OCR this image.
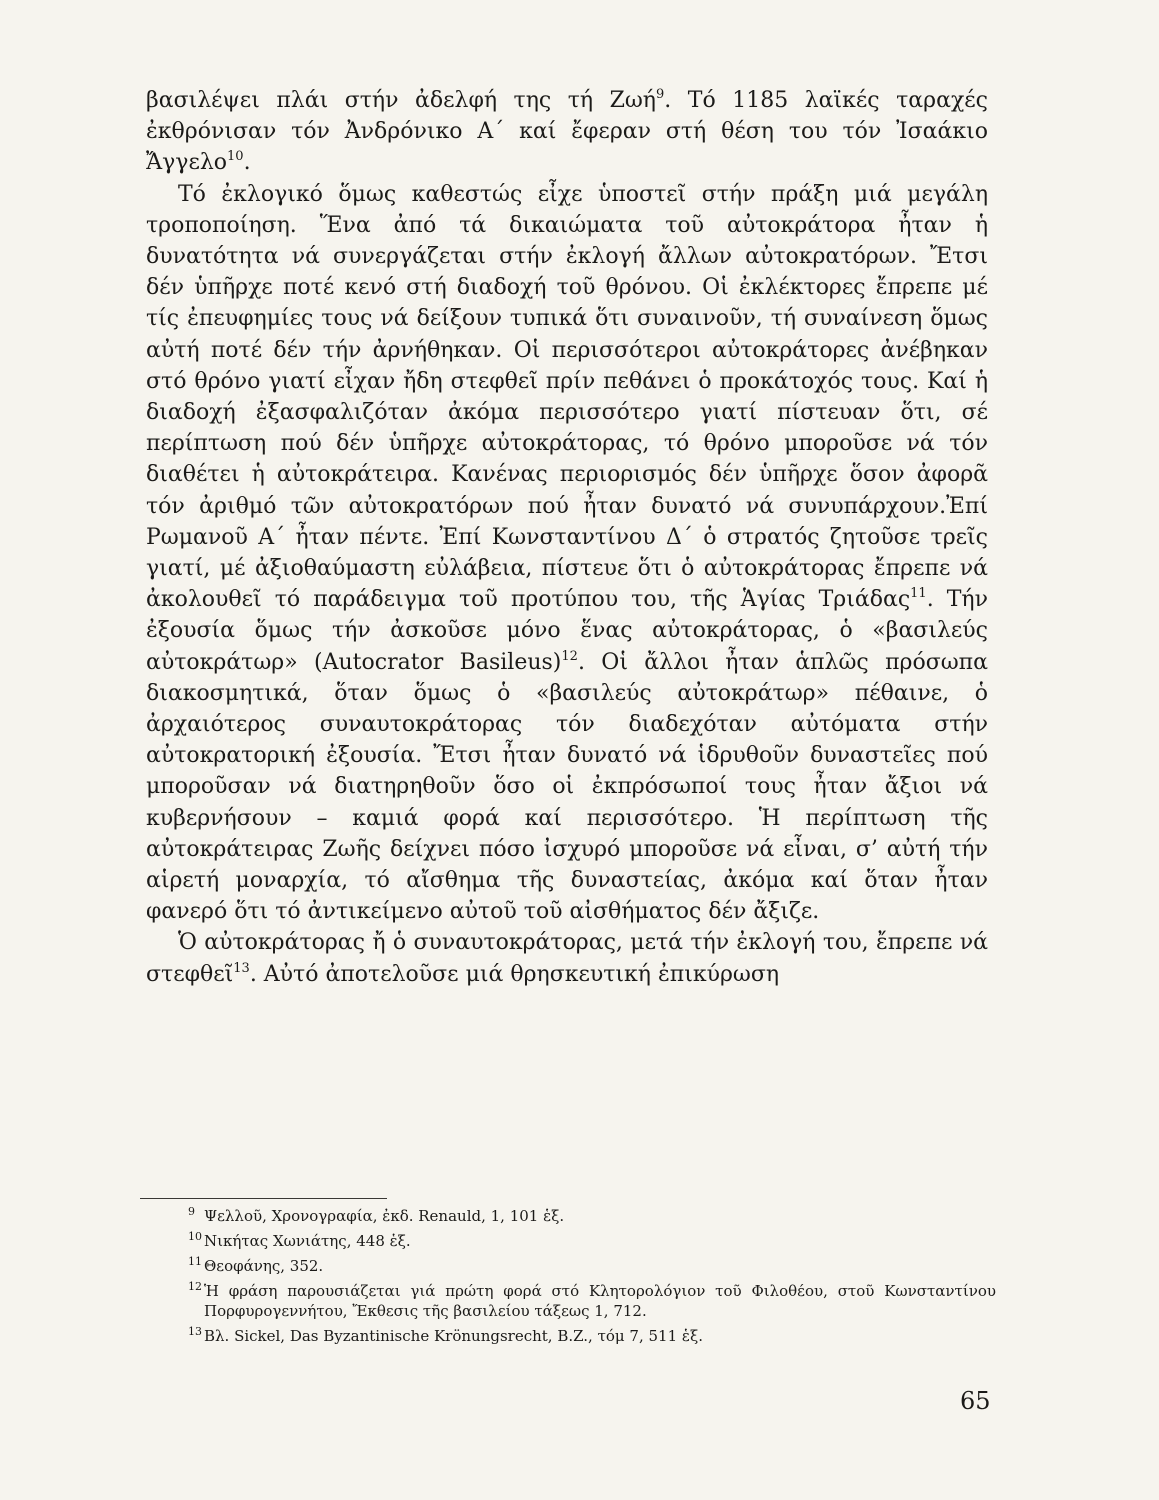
βασιλέψει πλάι στήν ἀδελφή της τή Ζωή$^9$. Τό 1185 λαϊκές ταραχές ἐκθρόνισαν τόν Ἀνδρόνικο Α΄ καί ἔφεραν στή θέση του τόν Ἰσαάκιο Ἄγγελο$^{10}$.

Τό ἐκλογικό ὅμως καθεστώς εἶχε ὑποστεῖ στήν πράξη μιά μεγάλη τροποποίηση. Ἕνα ἀπό τά δικαιώματα τοῦ αὐτοκράτορα ἦταν ἡ δυνατότητα νά συνεργάζεται στήν ἐκλογή ἄλλων αὐτοκρατόρων. Ἔτσι δέν ὑπῆρχε ποτέ κενό στή διαδοχή τοῦ θρόνου. Οἱ ἐκλέκτορες ἔπρεπε μέ τίς ἐπευφημίες τους νά δείξουν τυπικά ὅτι συναινοῦν, τή συναίνεση ὅμως αὐτή ποτέ δέν τήν ἀρνήθηκαν. Οἱ περισσότεροι αὐτοκράτορες ἀνέβηκαν στό θρόνο γιατί εἶχαν ἤδη στεφθεῖ πρίν πεθάνει ὁ προκάτοχός τους. Καί ἡ διαδοχή ἐξασφαλιζόταν ἀκόμα περισσότερο γιατί πίστευαν ὅτι, σέ περίπτωση πού δέν ὑπῆρχε αὐτοκράτορας, τό θρόνο μποροῦσε νά τόν διαθέτει ἡ αὐτοκράτειρα. Κανένας περιορισμός δέν ὑπῆρχε ὅσον ἀφορᾶ τόν ἀριθμό τῶν αὐτοκρατόρων πού ἦταν δυνατό νά συνυπάρχουν.Ἐπί Ρωμανοῦ Α΄ ἦταν πέντε. Ἐπί Κωνσταντίνου Δ΄ ὁ στρατός ζητοῦσε τρεῖς γιατί, μέ ἀξιοθαύμαστη εὐλάβεια, πίστευε ὅτι ὁ αὐτοκράτορας ἔπρεπε νά ἀκολουθεῖ τό παράδειγμα τοῦ προτύπου του, τῆς Ἁγίας Τριάδας$^{11}$. Τήν ἐξουσία ὅμως τήν ἀσκοῦσε μόνο ἕνας αὐτοκράτορας, ὁ «βασιλεύς αὐτοκράτωρ» (Autocrator Basileus)$^{12}$. Οἱ ἄλλοι ἦταν ἁπλῶς πρόσωπα διακοσμητικά, ὅταν ὅμως ὁ «βασιλεύς αὐτοκράτωρ» πέθαινε, ὁ ἀρχαιότερος συναυτοκράτορας τόν διαδεχόταν αὐτόματα στήν αὐτοκρατορική ἐξουσία. Ἔτσι ἦταν δυνατό νά ἱδρυθοῦν δυναστεῖες πού μποροῦσαν νά διατηρηθοῦν ὅσο οἱ ἐκπρόσωποί τους ἦταν ἄξιοι νά κυβερνήσουν – καμιά φορά καί περισσότερο. Ἡ περίπτωση τῆς αὐτοκράτειρας Ζωῆς δείχνει πόσο ἰσχυρό μποροῦσε νά εἶναι, σ’ αὐτή τήν αἱρετή μοναρχία, τό αἴσθημα τῆς δυναστείας, ἀκόμα καί ὅταν ἦταν φανερό ὅτι τό ἀντικείμενο αὐτοῦ τοῦ αἰσθήματος δέν ἄξιζε.

Ὁ αὐτοκράτορας ἤ ὁ συναυτοκράτορας, μετά τήν ἐκλογή του, ἔπρεπε νά στεφθεῖ$^{13}$. Αὐτό ἀποτελοῦσε μιά θρησκευτική ἐπικύρωση

9 Ψελλοῦ, Χρονογραφία, ἐκδ. Renauld, 1, 101 ἑξ.
10 Νικήτας Χωνιάτης, 448 ἑξ.
11 Θεοφάνης, 352.
12 Ἡ φράση παρουσιάζεται γιά πρώτη φορά στό Κλητορολόγιον τοῦ Φιλοθέου, στοῦ Κωνσταντίνου Πορφυρογεννήτου, Ἔκθεσις τῆς βασιλείου τάξεως 1, 712.
13 Βλ. Sickel, Das Byzantinische Krönungsrecht, B.Z., τόμ 7, 511 ἑξ.
65
